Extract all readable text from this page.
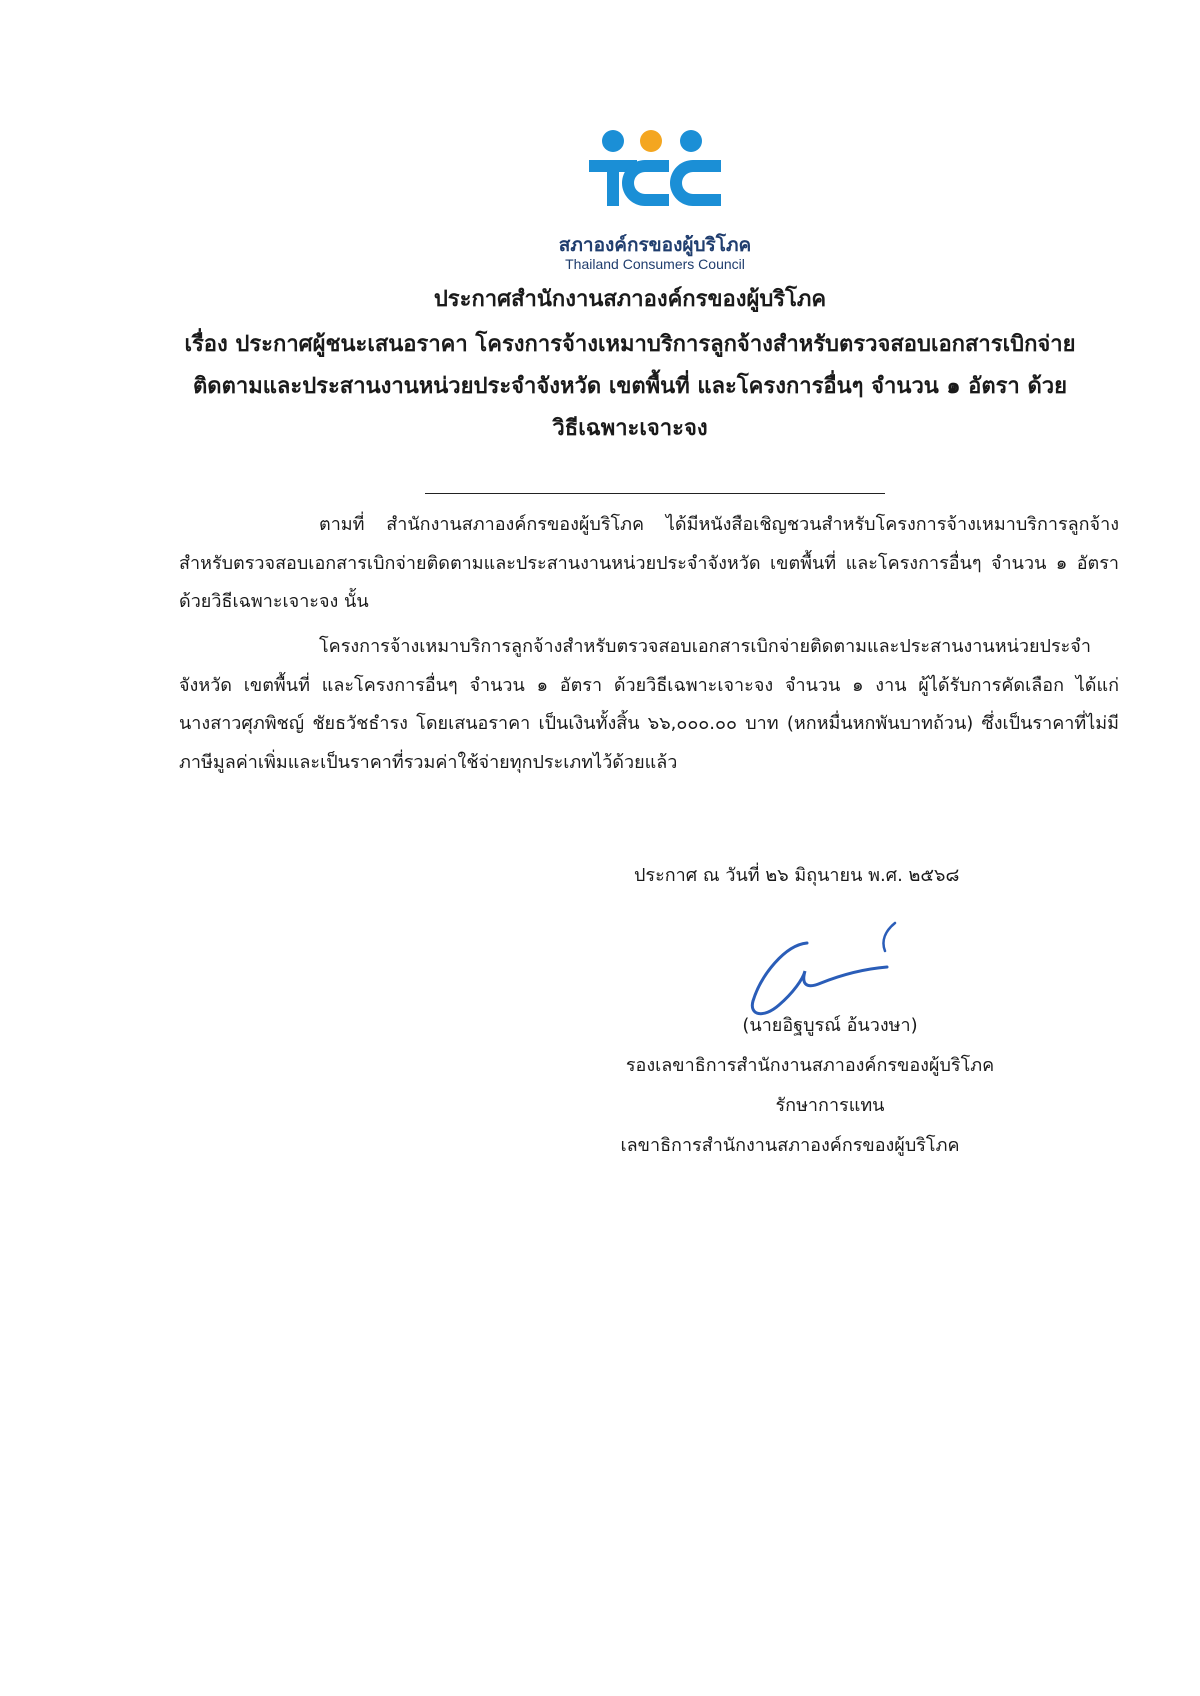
สภาองค์กรของผู้บริโภค
Thailand Consumers Council
ประกาศสำนักงานสภาองค์กรของผู้บริโภค
เรื่อง ประกาศผู้ชนะเสนอราคา โครงการจ้างเหมาบริการลูกจ้างสำหรับตรวจสอบเอกสารเบิกจ่าย
ติดตามและประสานงานหน่วยประจำจังหวัด เขตพื้นที่ และโครงการอื่นๆ จำนวน ๑ อัตรา ด้วย
วิธีเฉพาะเจาะจง

ตามที่ สำนักงานสภาองค์กรของผู้บริโภค ได้มีหนังสือเชิญชวนสำหรับโครงการจ้างเหมาบริการลูกจ้างสำหรับตรวจสอบเอกสารเบิกจ่ายติดตามและประสานงานหน่วยประจำจังหวัด เขตพื้นที่ และโครงการอื่นๆ จำนวน ๑ อัตรา ด้วยวิธีเฉพาะเจาะจง นั้น

โครงการจ้างเหมาบริการลูกจ้างสำหรับตรวจสอบเอกสารเบิกจ่ายติดตามและประสานงานหน่วยประจำจังหวัด เขตพื้นที่ และโครงการอื่นๆ จำนวน ๑ อัตรา ด้วยวิธีเฉพาะเจาะจง จำนวน ๑ งาน ผู้ได้รับการคัดเลือก ได้แก่ นางสาวศุภพิชญ์ ชัยธวัชธำรง โดยเสนอราคา เป็นเงินทั้งสิ้น ๖๖,๐๐๐.๐๐ บาท (หกหมื่นหกพันบาทถ้วน) ซึ่งเป็นราคาที่ไม่มีภาษีมูลค่าเพิ่มและเป็นราคาที่รวมค่าใช้จ่ายทุกประเภทไว้ด้วยแล้ว

ประกาศ ณ วันที่ ๒๖ มิถุนายน พ.ศ. ๒๕๖๘
(นายอิฐบูรณ์ อ้นวงษา)
รองเลขาธิการสำนักงานสภาองค์กรของผู้บริโภค
รักษาการแทน
เลขาธิการสำนักงานสภาองค์กรของผู้บริโภค
